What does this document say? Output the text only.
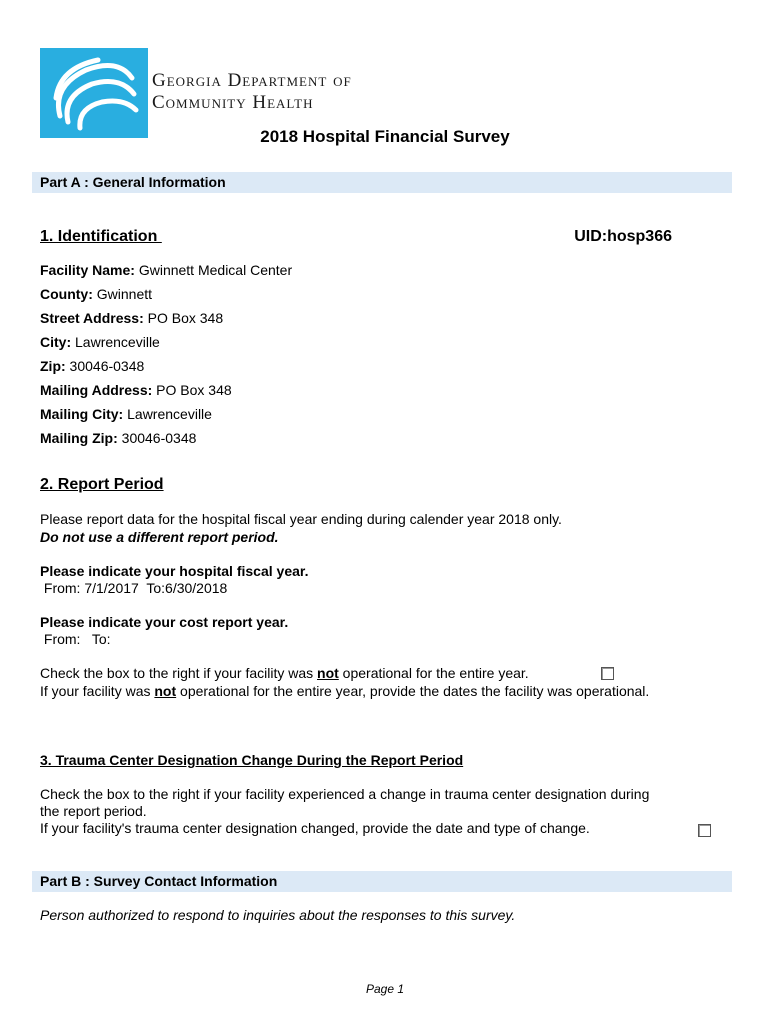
Georgia Department of
Community Health
2018 Hospital Financial Survey
Part A : General Information
1. Identification	UID:hosp366
Facility Name: Gwinnett Medical Center
County: Gwinnett
Street Address: PO Box 348
City: Lawrenceville
Zip: 30046-0348
Mailing Address: PO Box 348
Mailing City: Lawrenceville
Mailing Zip: 30046-0348
2. Report Period
Please report data for the hospital fiscal year ending during calender year 2018 only.
Do not use a different report period.
Please indicate your hospital fiscal year.
From: 7/1/2017  To:6/30/2018
Please indicate your cost report year.
From:   To:
Check the box to the right if your facility was not operational for the entire year.
If your facility was not operational for the entire year, provide the dates the facility was operational.
3. Trauma Center Designation Change During the Report Period
Check the box to the right if your facility experienced a change in trauma center designation during
the report period.
If your facility's trauma center designation changed, provide the date and type of change.
Part B : Survey Contact Information
Person authorized to respond to inquiries about the responses to this survey.
Page 1
